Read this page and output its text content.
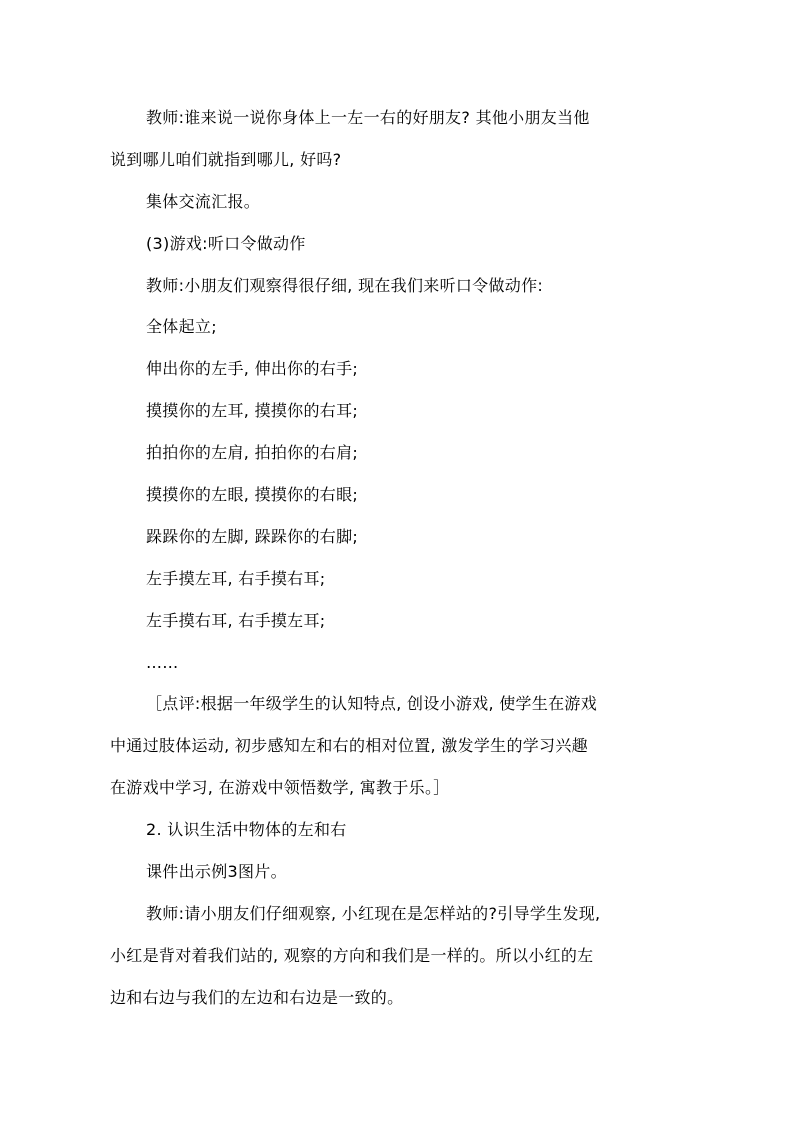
教师:谁来说一说你身体上一左一右的好朋友? 其他小朋友当他
说到哪儿咱们就指到哪儿, 好吗?
集体交流汇报。
(3)游戏:听口令做动作
教师:小朋友们观察得很仔细, 现在我们来听口令做动作:
全体起立;
伸出你的左手, 伸出你的右手;
摸摸你的左耳, 摸摸你的右耳;
拍拍你的左肩, 拍拍你的右肩;
摸摸你的左眼, 摸摸你的右眼;
跺跺你的左脚, 跺跺你的右脚;
左手摸左耳, 右手摸右耳;
左手摸右耳, 右手摸左耳;
……
［点评:根据一年级学生的认知特点, 创设小游戏, 使学生在游戏
中通过肢体运动, 初步感知左和右的相对位置, 激发学生的学习兴趣
在游戏中学习, 在游戏中领悟数学, 寓教于乐。］
2. 认识生活中物体的左和右
课件出示例3图片。
教师:请小朋友们仔细观察, 小红现在是怎样站的?引导学生发现,
小红是背对着我们站的, 观察的方向和我们是一样的。所以小红的左
边和右边与我们的左边和右边是一致的。
